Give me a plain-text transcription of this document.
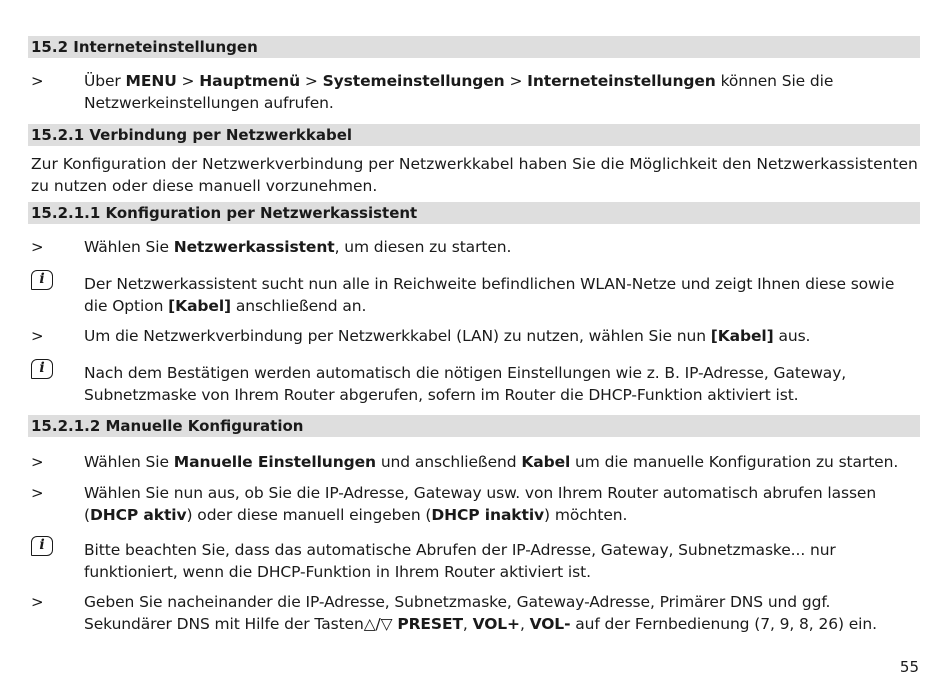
15.2 Interneteinstellungen
>	Über MENU > Hauptmenü > Systemeinstellungen > Interneteinstellungen können Sie die Netzwerkeinstellungen aufrufen.
15.2.1 Verbindung per Netzwerkkabel
Zur Konfiguration der Netzwerkverbindung per Netzwerkkabel haben Sie die Möglichkeit den Netzwerkassistenten zu nutzen oder diese manuell vorzunehmen.
15.2.1.1 Konfiguration per Netzwerkassistent
>	Wählen Sie Netzwerkassistent, um diesen zu starten.
i	Der Netzwerkassistent sucht nun alle in Reichweite befindlichen WLAN-Netze und zeigt Ihnen diese sowie die Option [Kabel] anschließend an.
>	Um die Netzwerkverbindung per Netzwerkkabel (LAN) zu nutzen, wählen Sie nun [Kabel] aus.
i	Nach dem Bestätigen werden automatisch die nötigen Einstellungen wie z. B. IP-Adresse, Gateway, Subnetzmaske von Ihrem Router abgerufen, sofern im Router die DHCP-Funktion aktiviert ist.
15.2.1.2 Manuelle Konfiguration
>	Wählen Sie Manuelle Einstellungen und anschließend Kabel um die manuelle Konfiguration zu starten.
>	Wählen Sie nun aus, ob Sie die IP-Adresse, Gateway usw. von Ihrem Router automatisch abrufen lassen (DHCP aktiv) oder diese manuell eingeben (DHCP inaktiv) möchten.
i	Bitte beachten Sie, dass das automatische Abrufen der IP-Adresse, Gateway, Subnetzmaske... nur funktioniert, wenn die DHCP-Funktion in Ihrem Router aktiviert ist.
>	Geben Sie nacheinander die IP-Adresse, Subnetzmaske, Gateway-Adresse, Primärer DNS und ggf. Sekundärer DNS mit Hilfe der Tasten△/▽ PRESET, VOL+, VOL- auf der Fernbedienung (7, 9, 8, 26) ein.
55
